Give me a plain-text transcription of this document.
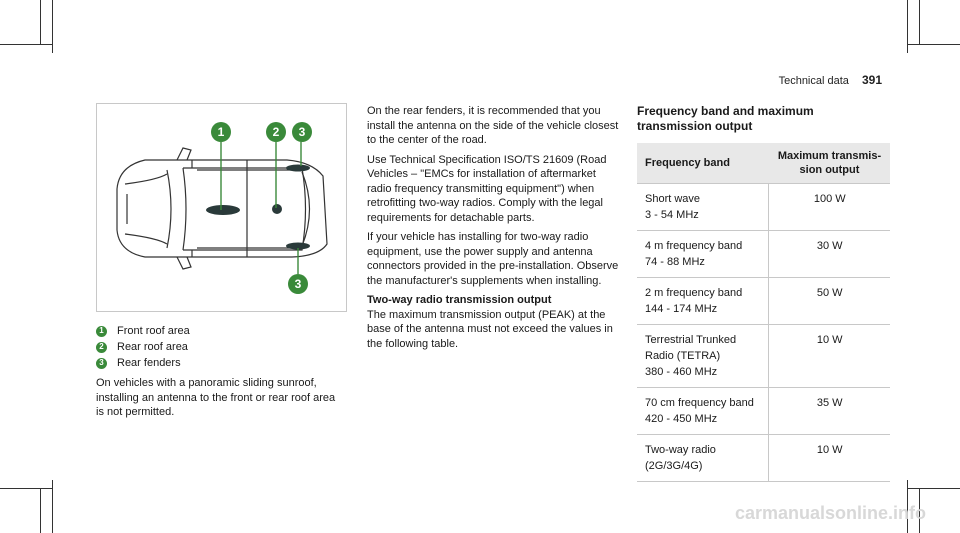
Technical data 391
1	2 3
3
1 Front roof area
2 Rear roof area
3 Rear fenders

On vehicles with a panoramic sliding sunroof, installing an antenna to the front or rear roof area is not permitted.

On the rear fenders, it is recommended that you install the antenna on the side of the vehicle closest to the center of the road.

Use Technical Specification ISO/TS 21609 (Road Vehicles – "EMCs for installation of aftermarket radio frequency transmitting equipment") when retrofitting two-way radios. Comply with the legal requirements for detachable parts.

If your vehicle has installing for two-way radio equipment, use the power supply and antenna connectors provided in the pre-installation. Observe the manufacturer's supplements when installing.

Two-way radio transmission output

The maximum transmission output (PEAK) at the base of the antenna must not exceed the values in the following table.

Frequency band and maximum transmission output

Frequency band	Maximum transmis-sion output

Short wave
3 - 54 MHz	100 W

4 m frequency band
74 - 88 MHz	30 W

2 m frequency band
144 - 174 MHz	50 W

Terrestrial Trunked Radio (TETRA)
380 - 460 MHz	10 W

70 cm frequency band
420 - 450 MHz	35 W

Two-way radio (2G/3G/4G)	10 W
carmanualsonline.info
